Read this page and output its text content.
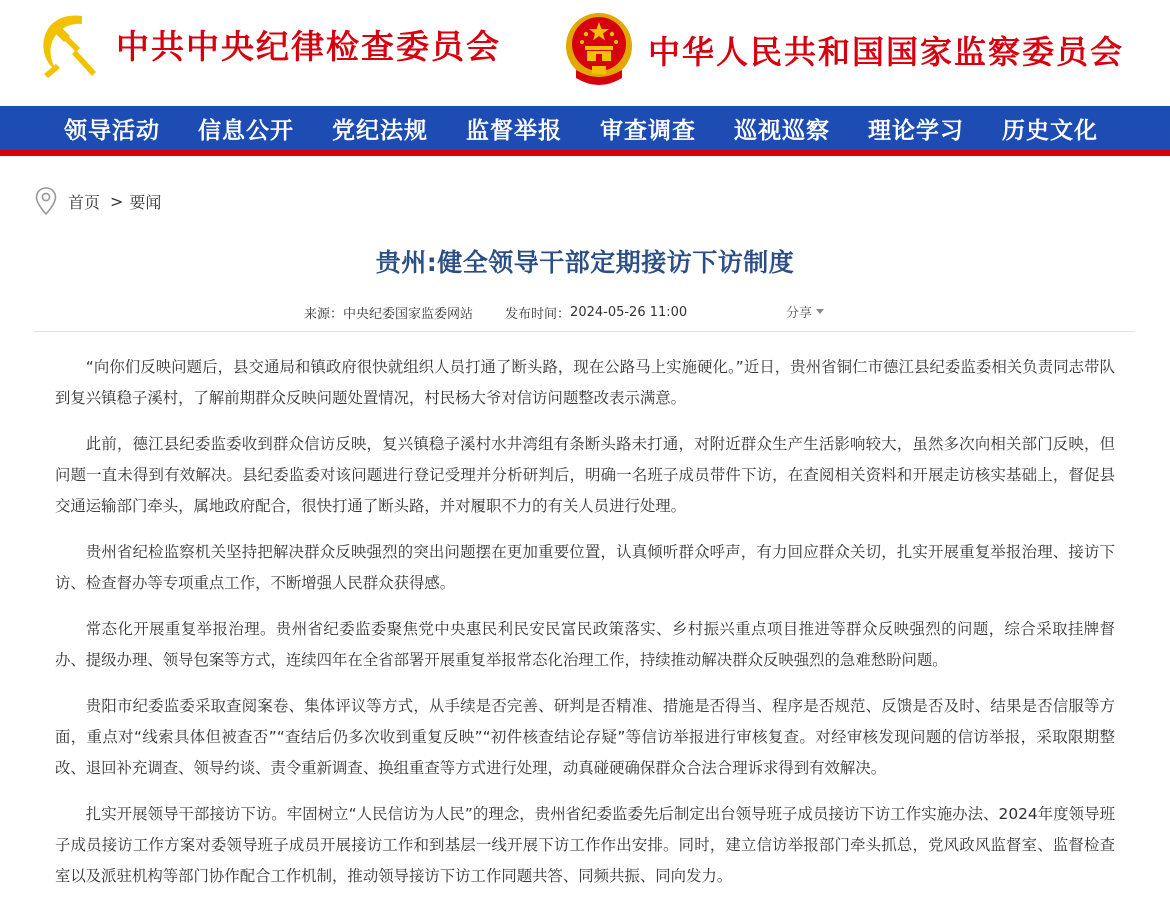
中共中央纪律检查委员会	中华人民共和国国家监察委员会
领导活动 信息公开 党纪法规 监督举报 审查调查 巡视巡察 理论学习 历史文化
首页 > 要闻
贵州:健全领导干部定期接访下访制度
来源： 中央纪委国家监委网站 发布时间： 2024-05-26 11:00	分享

“向你们反映问题后，县交通局和镇政府很快就组织人员打通了断头路，现在公路马上实施硬化。”近日，贵州省铜仁市德江县纪委监委相关负责同志带队到复兴镇稳子溪村，了解前期群众反映问题处置情况，村民杨大爷对信访问题整改表示满意。

此前，德江县纪委监委收到群众信访反映，复兴镇稳子溪村水井湾组有条断头路未打通，对附近群众生产生活影响较大，虽然多次向相关部门反映，但问题一直未得到有效解决。县纪委监委对该问题进行登记受理并分析研判后，明确一名班子成员带件下访，在查阅相关资料和开展走访核实基础上，督促县交通运输部门牵头，属地政府配合，很快打通了断头路，并对履职不力的有关人员进行处理。

贵州省纪检监察机关坚持把解决群众反映强烈的突出问题摆在更加重要位置，认真倾听群众呼声，有力回应群众关切，扎实开展重复举报治理、接访下访、检查督办等专项重点工作，不断增强人民群众获得感。

常态化开展重复举报治理。贵州省纪委监委聚焦党中央惠民利民安民富民政策落实、乡村振兴重点项目推进等群众反映强烈的问题，综合采取挂牌督办、提级办理、领导包案等方式，连续四年在全省部署开展重复举报常态化治理工作，持续推动解决群众反映强烈的急难愁盼问题。

贵阳市纪委监委采取查阅案卷、集体评议等方式，从手续是否完善、研判是否精准、措施是否得当、程序是否规范、反馈是否及时、结果是否信服等方面，重点对“线索具体但被查否”“查结后仍多次收到重复反映”“初件核查结论存疑”等信访举报进行审核复查。对经审核发现问题的信访举报，采取限期整改、退回补充调查、领导约谈、责令重新调查、换组重查等方式进行处理，动真碰硬确保群众合法合理诉求得到有效解决。

扎实开展领导干部接访下访。牢固树立“人民信访为人民”的理念，贵州省纪委监委先后制定出台领导班子成员接访下访工作实施办法、2024年度领导班子成员接访工作方案对委领导班子成员开展接访工作和到基层一线开展下访工作作出安排。同时，建立信访举报部门牵头抓总，党风政风监督室、监督检查室以及派驻机构等部门协作配合工作机制，推动领导接访下访工作同题共答、同频共振、同向发力。
